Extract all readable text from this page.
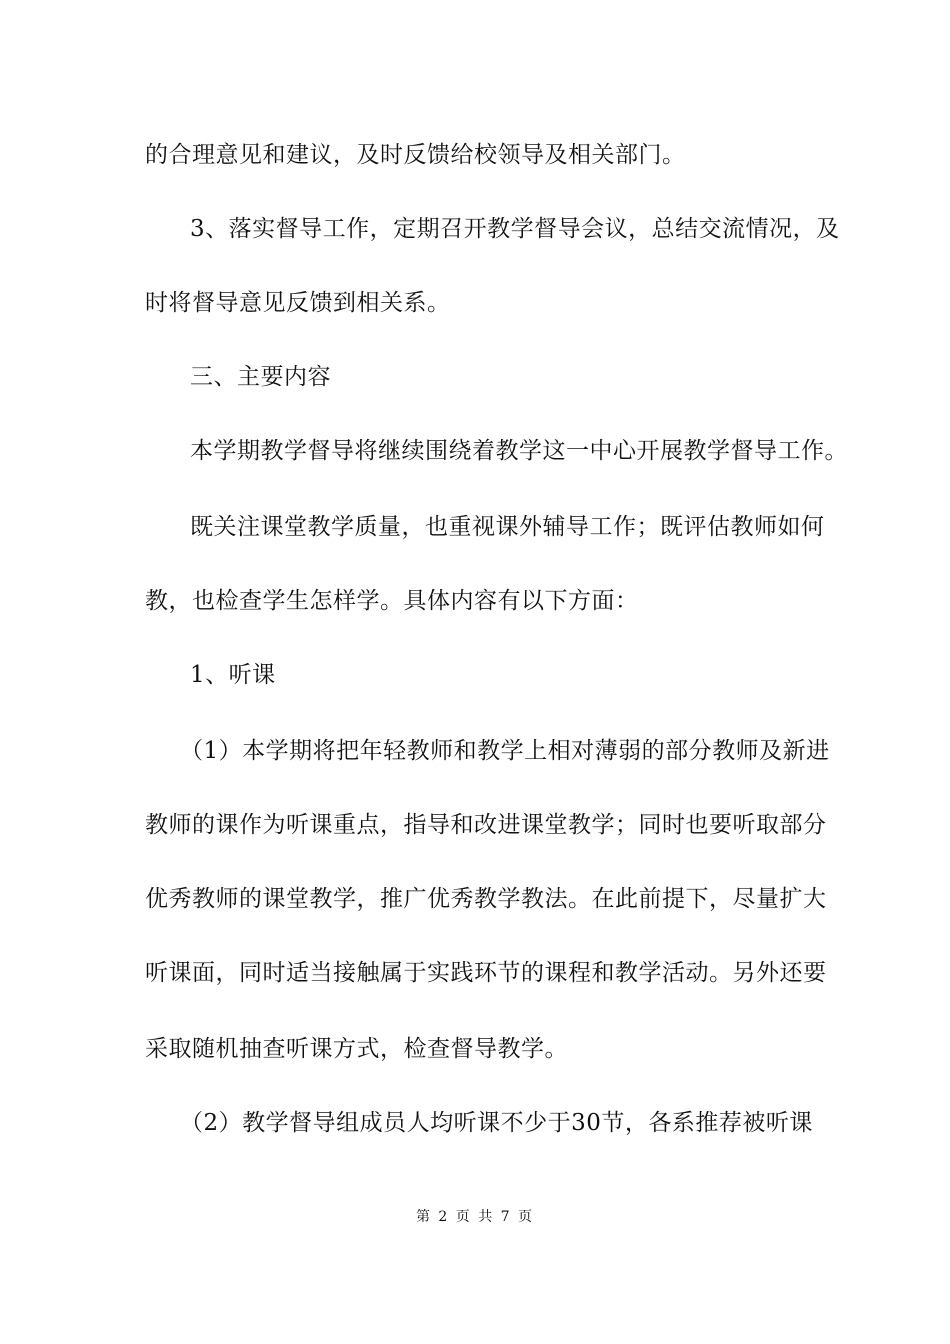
的合理意见和建议，及时反馈给校领导及相关部门。
3、落实督导工作，定期召开教学督导会议，总结交流情况，及
时将督导意见反馈到相关系。
三、主要内容
本学期教学督导将继续围绕着教学这一中心开展教学督导工作。
既关注课堂教学质量，也重视课外辅导工作；既评估教师如何
教，也检查学生怎样学。具体内容有以下方面：
1、听课
（1）本学期将把年轻教师和教学上相对薄弱的部分教师及新进
教师的课作为听课重点，指导和改进课堂教学；同时也要听取部分
优秀教师的课堂教学，推广优秀教学教法。在此前提下，尽量扩大
听课面，同时适当接触属于实践环节的课程和教学活动。另外还要
采取随机抽查听课方式，检查督导教学。
（2）教学督导组成员人均听课不少于30节，各系推荐被听课
第 2 页 共 7 页
